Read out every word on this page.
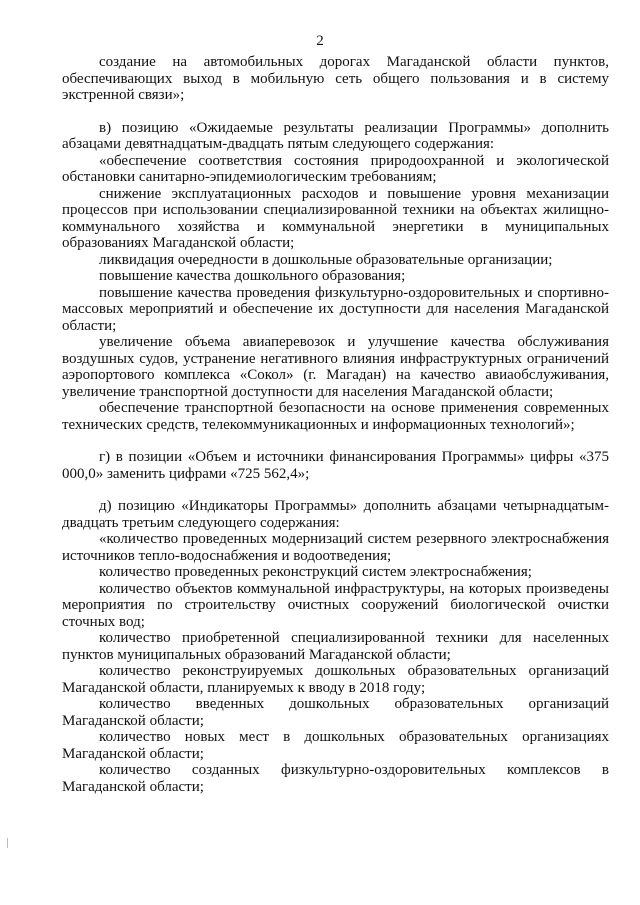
2

создание на автомобильных дорогах Магаданской области пунктов, обеспечивающих выход в мобильную сеть общего пользования и в систему экстренной связи»;

в) позицию «Ожидаемые результаты реализации Программы» дополнить абзацами девятнадцатым-двадцать пятым следующего содержания:

«обеспечение соответствия состояния природоохранной и экологической обстановки санитарно-эпидемиологическим требованиям;

снижение эксплуатационных расходов и повышение уровня механизации процессов при использовании специализированной техники на объектах жилищно-коммунального хозяйства и коммунальной энергетики в муниципальных образованиях Магаданской области;

ликвидация очередности в дошкольные образовательные организации;

повышение качества дошкольного образования;

повышение качества проведения физкультурно-оздоровительных и спортивно-массовых мероприятий и обеспечение их доступности для населения Магаданской области;

увеличение объема авиаперевозок и улучшение качества обслуживания воздушных судов, устранение негативного влияния инфраструктурных ограничений аэропортового комплекса «Сокол» (г. Магадан) на качество авиаобслуживания, увеличение транспортной доступности для населения Магаданской области;

обеспечение транспортной безопасности на основе применения современных технических средств, телекоммуникационных и информационных технологий»;

г) в позиции «Объем и источники финансирования Программы» цифры «375 000,0» заменить цифрами «725 562,4»;

д) позицию «Индикаторы Программы» дополнить абзацами четырнадцатым-двадцать третьим следующего содержания:

«количество проведенных модернизаций систем резервного электроснабжения источников тепло-водоснабжения и водоотведения;

количество проведенных реконструкций систем электроснабжения;

количество объектов коммунальной инфраструктуры, на которых произведены мероприятия по строительству очистных сооружений биологической очистки сточных вод;

количество приобретенной специализированной техники для населенных пунктов муниципальных образований Магаданской области;

количество реконструируемых дошкольных образовательных организаций Магаданской области, планируемых к вводу в 2018 году;

количество введенных дошкольных образовательных организаций Магаданской области;

количество новых мест в дошкольных образовательных организациях Магаданской области;

количество созданных физкультурно-оздоровительных комплексов в Магаданской области;
